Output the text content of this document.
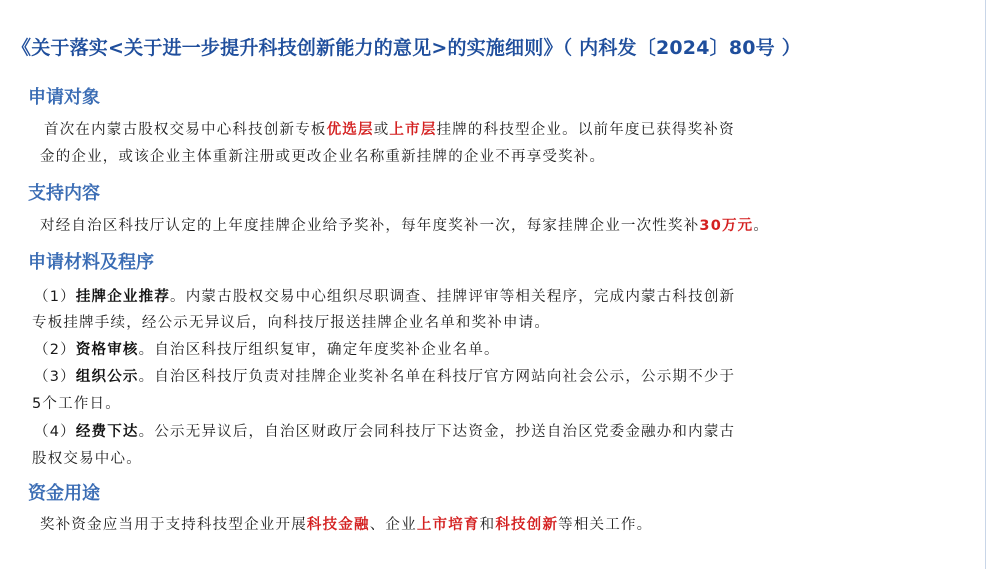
《关于落实<关于进一步提升科技创新能力的意见>的实施细则》（ 内科发〔2024〕80号 ）
申请对象
首次在内蒙古股权交易中心科技创新专板优选层或上市层挂牌的科技型企业。以前年度已获得奖补资
金的企业，或该企业主体重新注册或更改企业名称重新挂牌的企业不再享受奖补。
支持内容
对经自治区科技厅认定的上年度挂牌企业给予奖补，每年度奖补一次，每家挂牌企业一次性奖补30万元。
申请材料及程序
（1）挂牌企业推荐。内蒙古股权交易中心组织尽职调查、挂牌评审等相关程序，完成内蒙古科技创新
专板挂牌手续，经公示无异议后，向科技厅报送挂牌企业名单和奖补申请。
（2）资格审核。自治区科技厅组织复审，确定年度奖补企业名单。
（3）组织公示。自治区科技厅负责对挂牌企业奖补名单在科技厅官方网站向社会公示，公示期不少于
5个工作日。
（4）经费下达。公示无异议后，自治区财政厅会同科技厅下达资金，抄送自治区党委金融办和内蒙古
股权交易中心。
资金用途
奖补资金应当用于支持科技型企业开展科技金融、企业上市培育和科技创新等相关工作。
